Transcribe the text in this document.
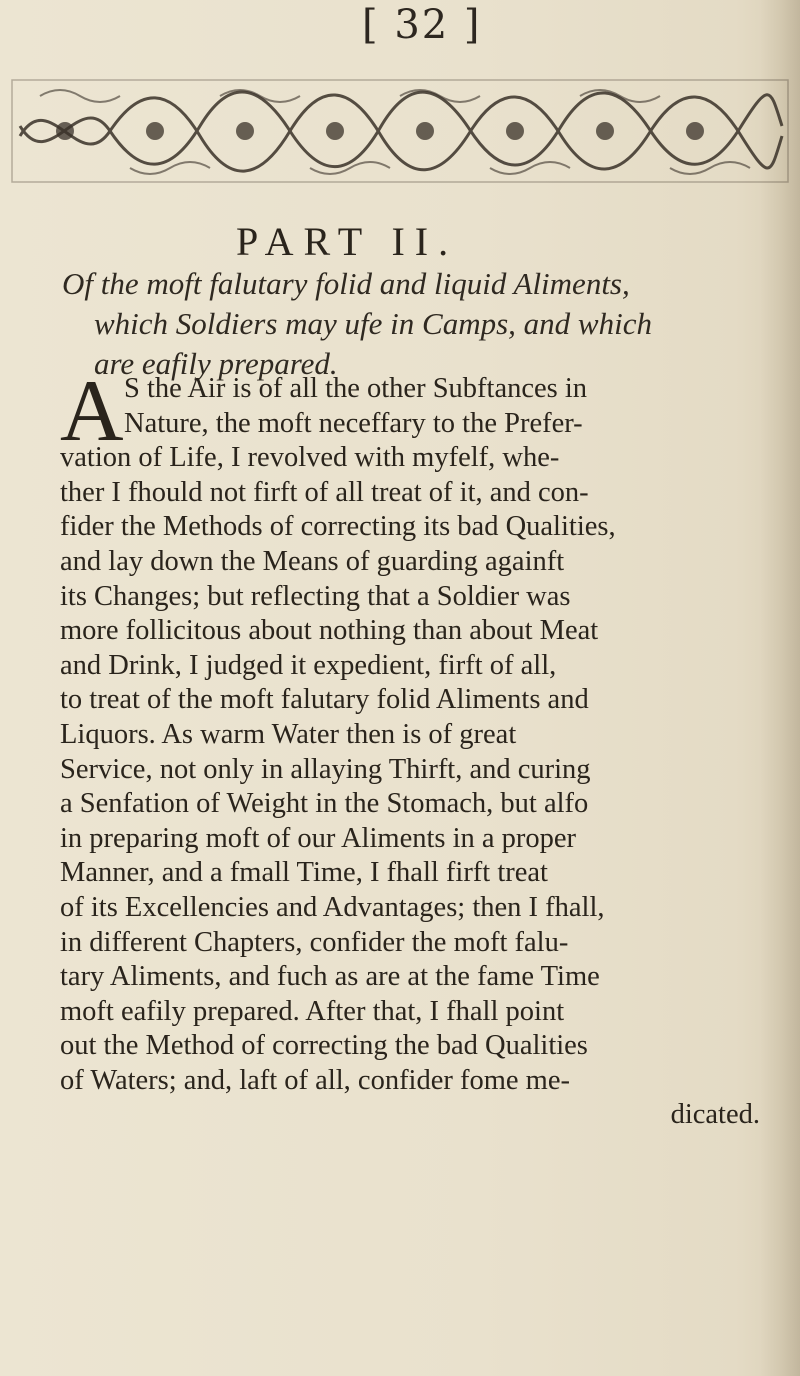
[ 32 ]
PART II.
Of the moft falutary folid and liquid Aliments,
which Soldiers may ufe in Camps, and which
are eafily prepared.
A S the Air is of all the other Subftances in
Nature, the moft neceffary to the Prefer-
vation of Life, I revolved with myfelf, whe-
ther I fhould not firft of all treat of it, and con-
fider the Methods of correcting its bad Qualities,
and lay down the Means of guarding againft
its Changes; but reflecting that a Soldier was
more follicitous about nothing than about Meat
and Drink, I judged it expedient, firft of all,
to treat of the moft falutary folid Aliments and
Liquors. As warm Water then is of great
Service, not only in allaying Thirft, and curing
a Senfation of Weight in the Stomach, but alfo
in preparing moft of our Aliments in a proper
Manner, and a fmall Time, I fhall firft treat
of its Excellencies and Advantages; then I fhall,
in different Chapters, confider the moft falu-
tary Aliments, and fuch as are at the fame Time
moft eafily prepared. After that, I fhall point
out the Method of correcting the bad Qualities
of Waters; and, laft of all, confider fome me-
dicated.
